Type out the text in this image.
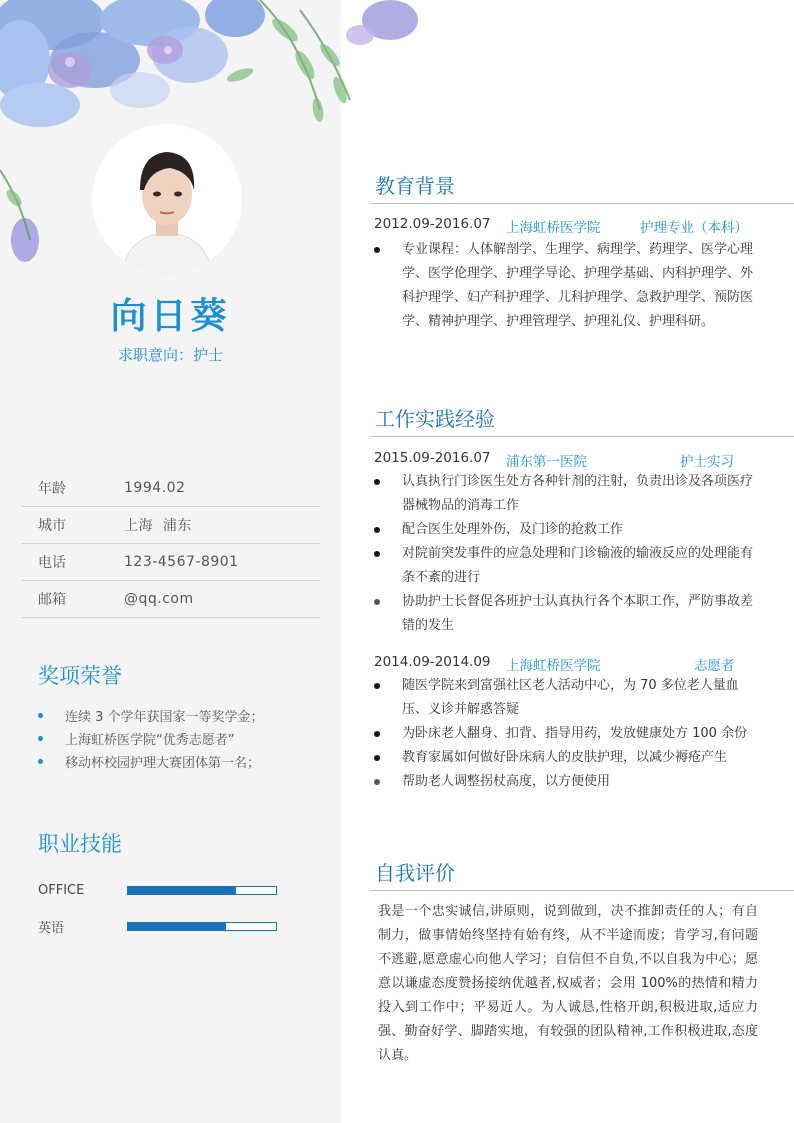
向日葵
求职意向：护士
年龄	1994.02
城市	上海  浦东
电话	123-4567-8901
邮箱	@qq.com
奖项荣誉
连续 3 个学年获国家一等奖学金；
上海虹桥医学院“优秀志愿者”
移动杯校园护理大赛团体第一名；
职业技能
OFFICE
英语
教育背景
2012.09-2016.07	上海虹桥医学院	护理专业（本科）
专业课程：人体解剖学、生理学、病理学、药理学、医学心理学、医学伦理学、护理学导论、护理学基础、内科护理学、外科护理学、妇产科护理学、儿科护理学、急救护理学、预防医学、精神护理学、护理管理学、护理礼仪、护理科研。
工作实践经验
2015.09-2016.07	浦东第一医院	护士实习
认真执行门诊医生处方各种针剂的注射，负责出诊及各项医疗器械物品的消毒工作
配合医生处理外伤，及门诊的抢救工作
对院前突发事件的应急处理和门诊输液的输液反应的处理能有条不紊的进行
协助护士长督促各班护士认真执行各个本职工作，严防事故差错的发生
2014.09-2014.09	上海虹桥医学院	志愿者
随医学院来到富强社区老人活动中心，为 70 多位老人量血压、义诊并解惑答疑
为卧床老人翻身、扣背、指导用药，发放健康处方 100 余份
教育家属如何做好卧床病人的皮肤护理，以减少褥疮产生
帮助老人调整拐杖高度，以方便使用
自我评价
我是一个忠实诚信,讲原则，说到做到，决不推卸责任的人；有自制力，做事情始终坚持有始有终，从不半途而废；肯学习,有问题不逃避,愿意虚心向他人学习；自信但不自负,不以自我为中心；愿意以谦虚态度赞扬接纳优越者,权威者；会用 100%的热情和精力投入到工作中；平易近人。为人诚恳,性格开朗,积极进取,适应力强、勤奋好学、脚踏实地，有较强的团队精神,工作积极进取,态度认真。
